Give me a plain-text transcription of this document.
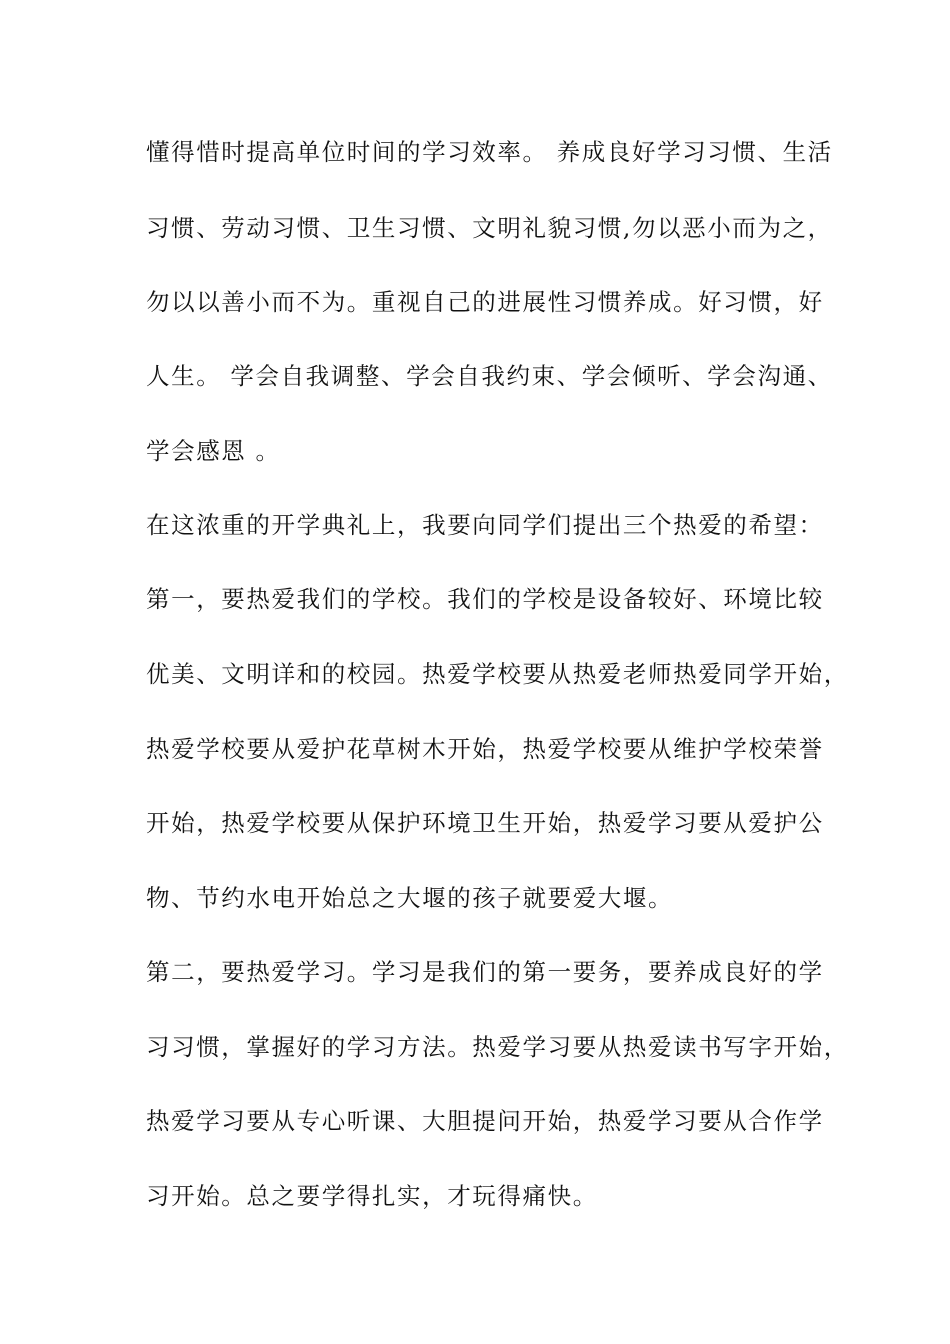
懂得惜时提高单位时间的学习效率。 养成良好学习习惯、生活

习惯、劳动习惯、卫生习惯、文明礼貌习惯,勿以恶小而为之，

勿以以善小而不为。重视自己的进展性习惯养成。好习惯，好

人生。 学会自我调整、学会自我约束、学会倾听、学会沟通、

学会感恩 。

在这浓重的开学典礼上，我要向同学们提出三个热爱的希望：

第一，要热爱我们的学校。我们的学校是设备较好、环境比较

优美、文明详和的校园。热爱学校要从热爱老师热爱同学开始，

热爱学校要从爱护花草树木开始，热爱学校要从维护学校荣誉

开始，热爱学校要从保护环境卫生开始，热爱学习要从爱护公

物、节约水电开始总之大堰的孩子就要爱大堰。

第二，要热爱学习。学习是我们的第一要务，要养成良好的学

习习惯，掌握好的学习方法。热爱学习要从热爱读书写字开始，

热爱学习要从专心听课、大胆提问开始，热爱学习要从合作学

习开始。总之要学得扎实，才玩得痛快。
